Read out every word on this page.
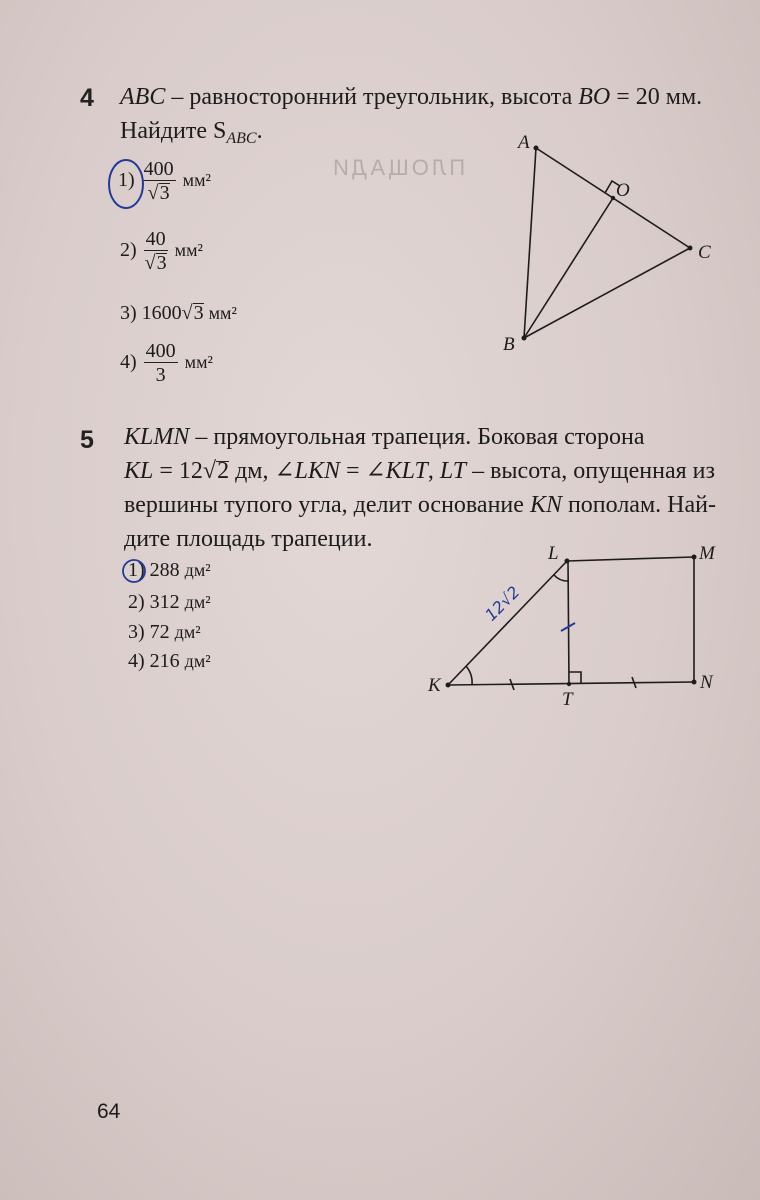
ПЛОЩАДИ
4 ABC – равносторонний треугольник, высота BO = 20 мм.
Найдите $S_{ABC}$.
$1) \frac{400}{√3} мм^2$
$2) \frac{40}{√3} мм^2$
3) 1600√3 мм²
$4) \frac{400}{3} мм^2$
A
O
C
B
5 KLMN – прямоугольная трапеция. Боковая сторона
KL = 12√2 дм, ∠LKN = ∠KLT, LT – высота, опущенная из
вершины тупого угла, делит основание KN пополам. Най-
дите площадь трапеции.
1) 288 дм²
2) 312 дм²
3) 72 дм²
4) 216 дм²
12√2
L	M
K
T
N
64
